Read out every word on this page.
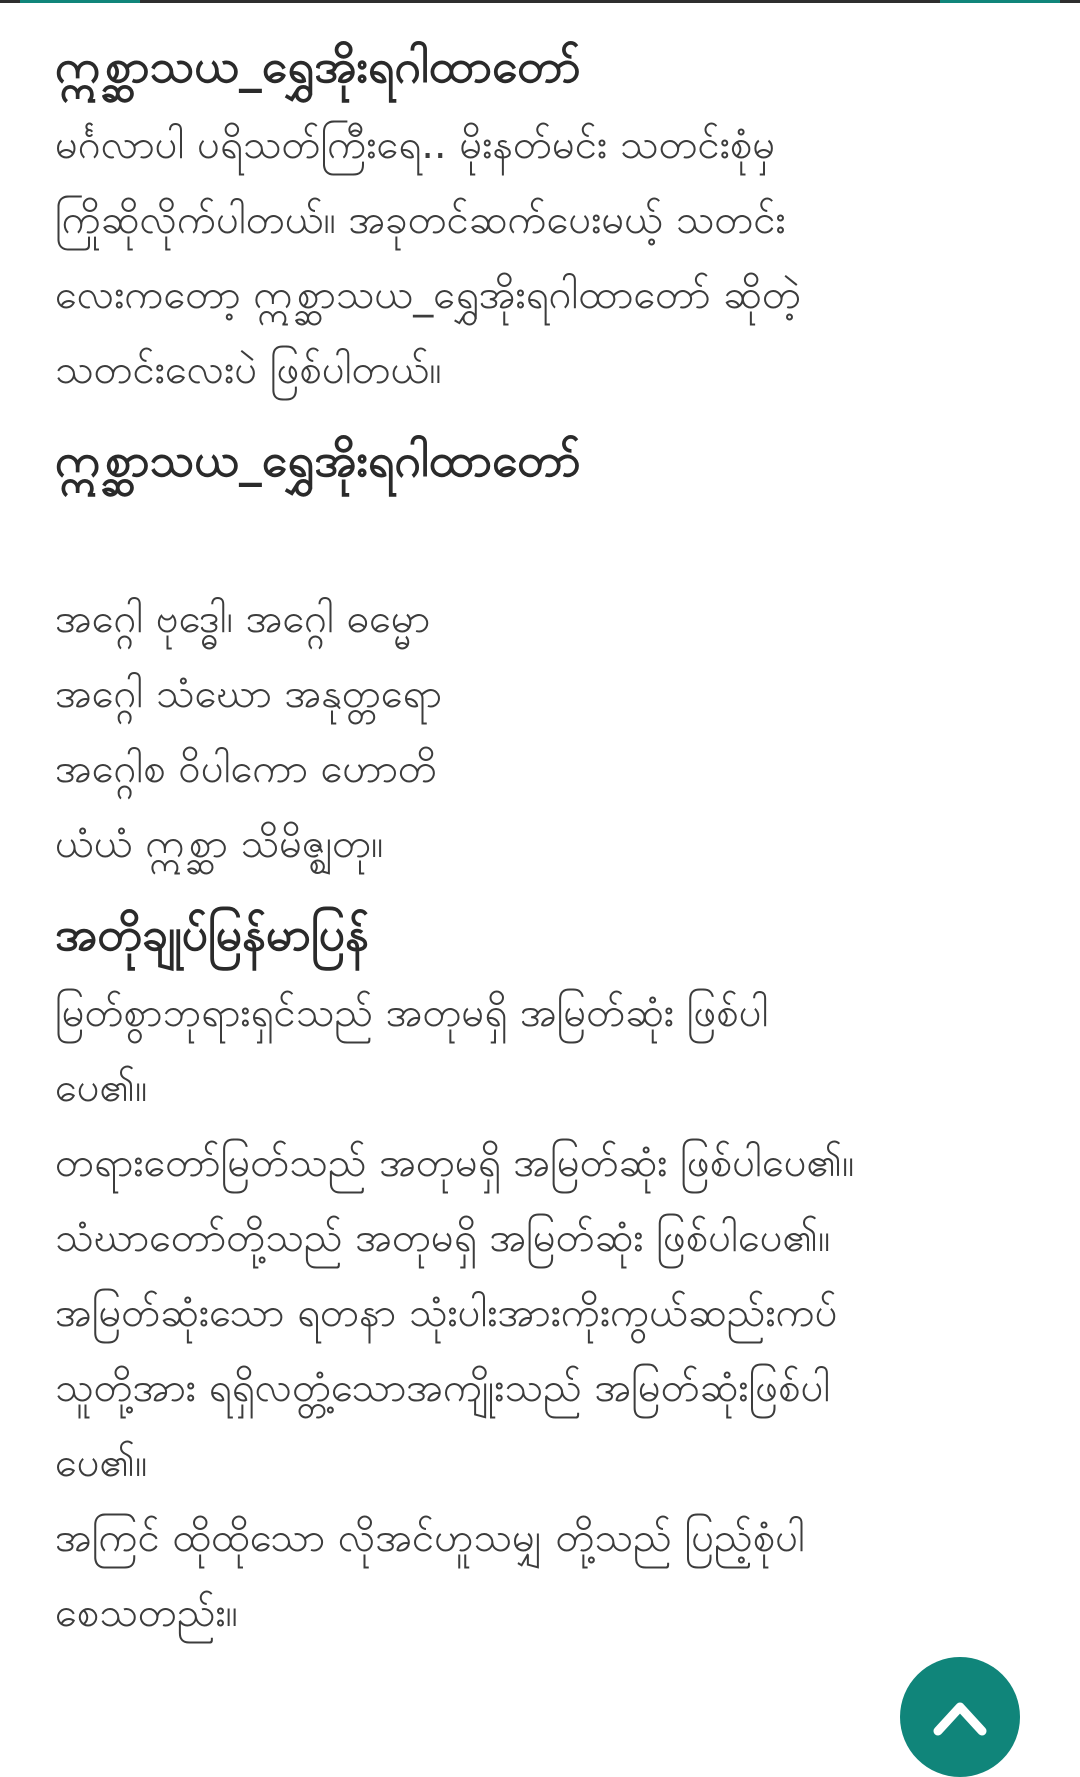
ဣစ္ဆာသယ_ရွှေအိုးရဂါထာတော်

မင်္ဂလာပါ ပရိသတ်ကြီးရေ.. မိုးနတ်မင်း သတင်းစုံမှ
ကြိုဆိုလိုက်ပါတယ်။ အခုတင်ဆက်ပေးမယ့် သတင်း
လေးကတော့ ဣစ္ဆာသယ_ရွှေအိုးရဂါထာတော် ဆိုတဲ့
သတင်းလေးပဲ ဖြစ်ပါတယ်။

ဣစ္ဆာသယ_ရွှေအိုးရဂါထာတော်

အဂ္ဂေါ ဗုဒ္ဓေါ၊ အဂ္ဂေါ ဓမ္မော
အဂ္ဂေါ သံဃော အနုတ္တရော
အဂ္ဂေါစ ဝိပါကော ဟောတိ
ယံယံ ဣစ္ဆာ သိမိဇ္ဈတု။

အတိုချုပ်မြန်မာပြန်

မြတ်စွာဘုရားရှင်သည် အတုမရှိ အမြတ်ဆုံး ဖြစ်ပါ
ပေ၏။
တရားတော်မြတ်သည် အတုမရှိ အမြတ်ဆုံး ဖြစ်ပါပေ၏။
သံဃာတော်တို့သည် အတုမရှိ အမြတ်ဆုံး ဖြစ်ပါပေ၏။
အမြတ်ဆုံးသော ရတနာ သုံးပါးအားကိုးကွယ်ဆည်းကပ်
သူတို့အား ရရှိလတ္တံ့သောအကျိုးသည် အမြတ်ဆုံးဖြစ်ပါ
ပေ၏။
အကြင် ထိုထိုသော လိုအင်ဟူသမျှ တို့သည် ပြည့်စုံပါ
စေသတည်း။
